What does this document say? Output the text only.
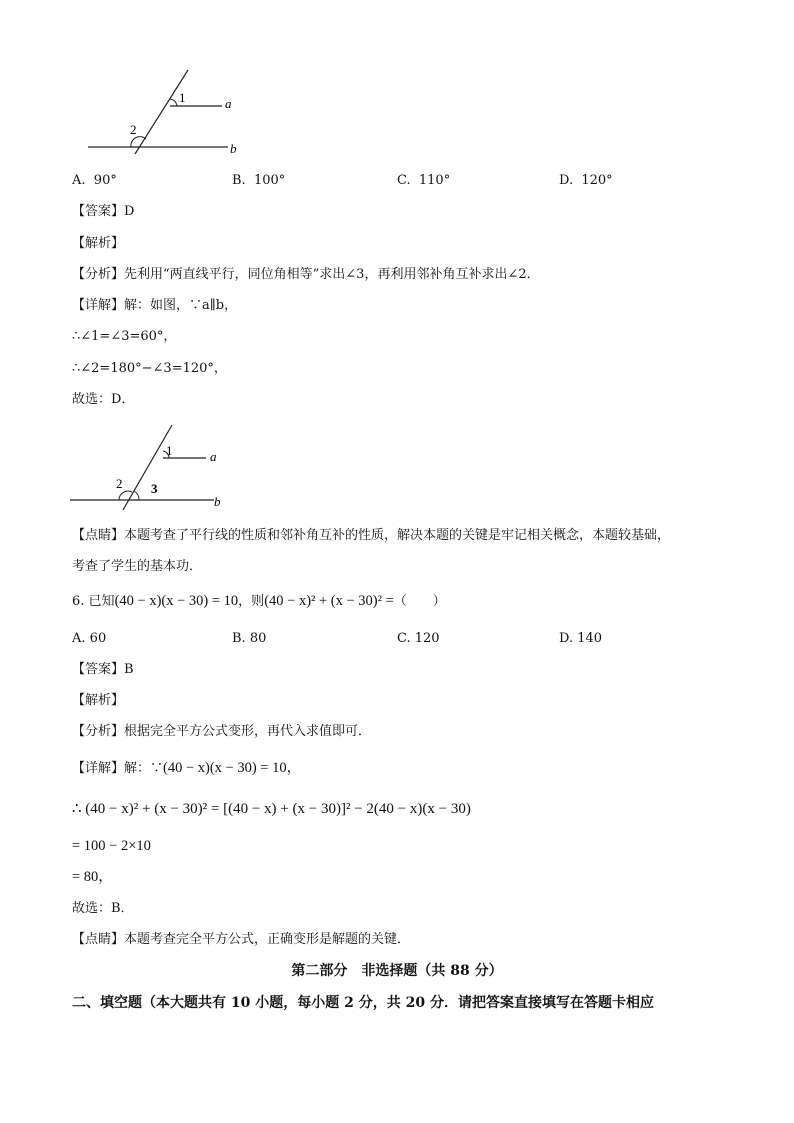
1
2
a
b
A. 90°	B. 100°	C. 110°	D. 120°
【答案】D
【解析】
【分析】先利用“两直线平行，同位角相等”求出∠3，再利用邻补角互补求出∠2．
【详解】解：如图，∵a∥b，
∴∠1=∠3=60°，
∴∠2=180°−∠3=120°，
故选：D．
1
2 3
a
b
【点睛】本题考查了平行线的性质和邻补角互补的性质，解决本题的关键是牢记相关概念，本题较基础，
考查了学生的基本功．
6. 已知(40 − x)(x − 30) = 10，则(40 − x)² + (x − 30)² =（　　）
A. 60	B. 80	C. 120	D. 140
【答案】B
【解析】
【分析】根据完全平方公式变形，再代入求值即可．
【详解】解：∵(40 − x)(x − 30) = 10，
∴ (40 − x)² + (x − 30)² = [(40 − x) + (x − 30)]² − 2(40 − x)(x − 30)
= 100 − 2×10
= 80，
故选：B．
【点睛】本题考查完全平方公式，正确变形是解题的关键．
第二部分　非选择题（共 88 分）
二、填空题（本大题共有 10 小题，每小题 2 分，共 20 分．请把答案直接填写在答题卡相应
